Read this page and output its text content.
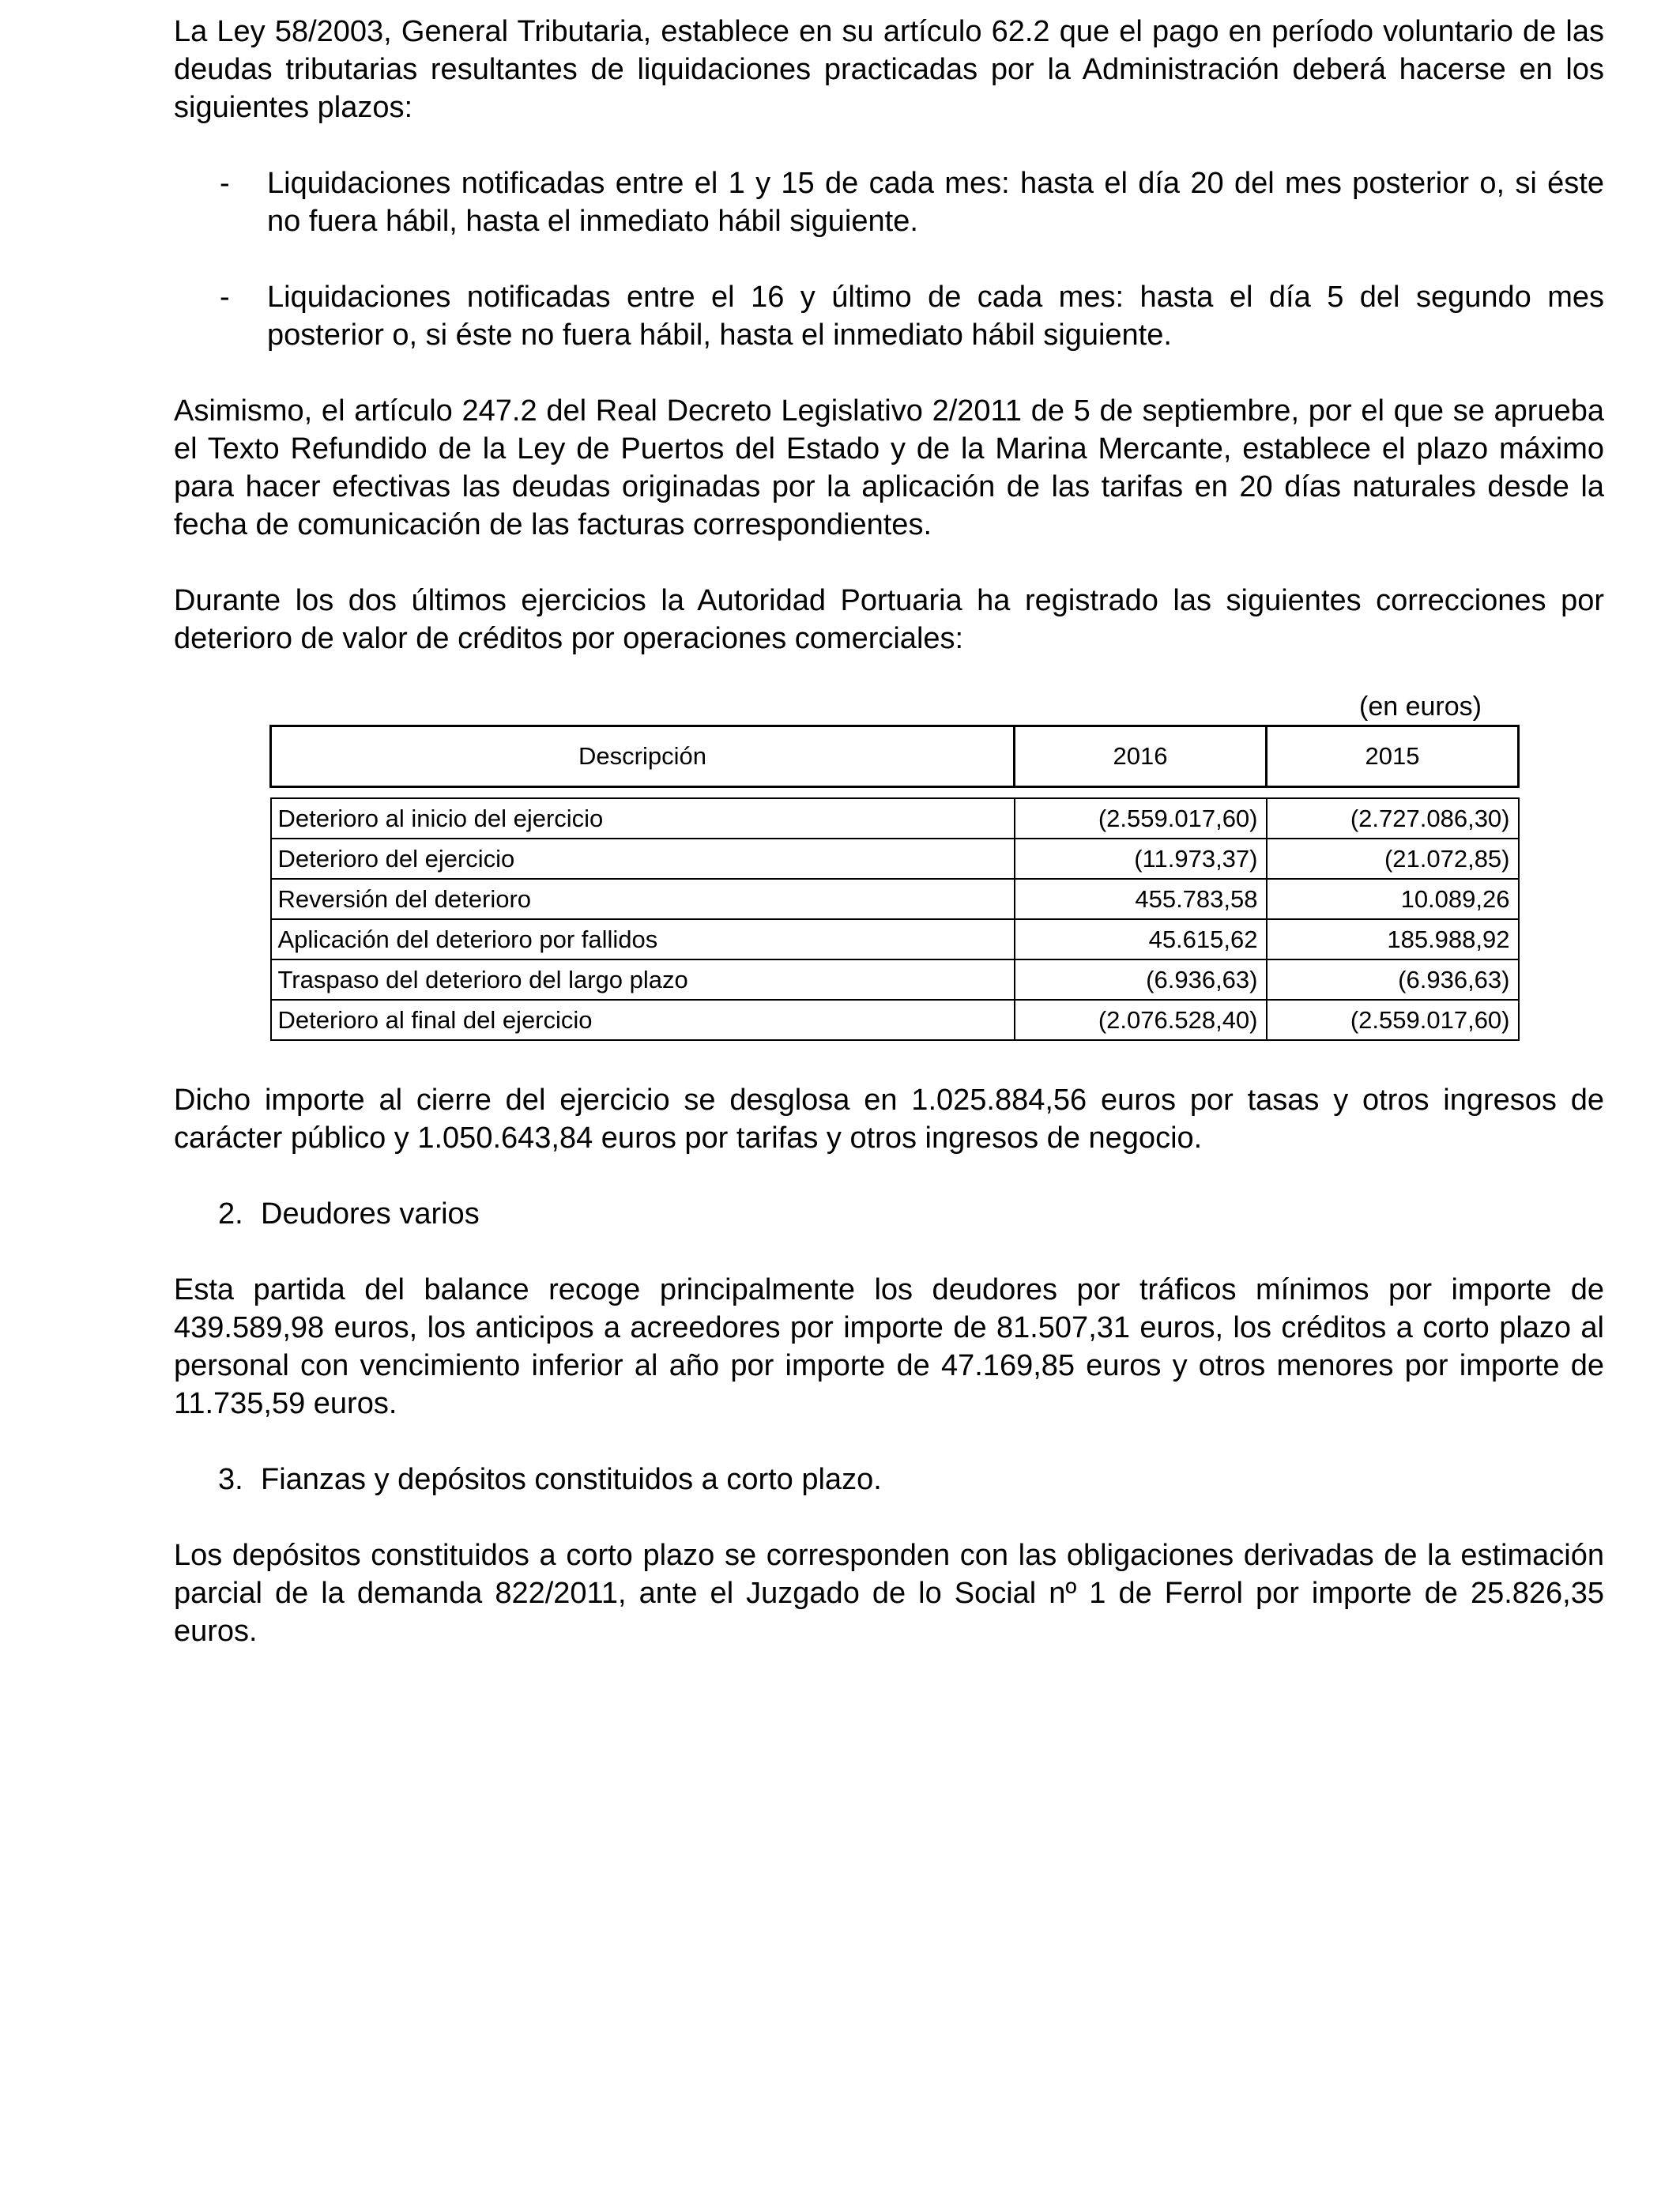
La Ley 58/2003, General Tributaria, establece en su artículo 62.2 que el pago en período voluntario de las deudas tributarias resultantes de liquidaciones practicadas por la Administración deberá hacerse en los siguientes plazos:

-	Liquidaciones notificadas entre el 1 y 15 de cada mes: hasta el día 20 del mes posterior o, si éste no fuera hábil, hasta el inmediato hábil siguiente.
-	Liquidaciones notificadas entre el 16 y último de cada mes: hasta el día 5 del segundo mes posterior o, si éste no fuera hábil, hasta el inmediato hábil siguiente.

Asimismo, el artículo 247.2 del Real Decreto Legislativo 2/2011 de 5 de septiembre, por el que se aprueba el Texto Refundido de la Ley de Puertos del Estado y de la Marina Mercante, establece el plazo máximo para hacer efectivas las deudas originadas por la aplicación de las tarifas en 20 días naturales desde la fecha de comunicación de las facturas correspondientes.

Durante los dos últimos ejercicios la Autoridad Portuaria ha registrado las siguientes correcciones por deterioro de valor de créditos por operaciones comerciales:

(en euros)
Descripción	2016	2015

Deterioro al inicio del ejercicio	(2.559.017,60)	(2.727.086,30)
Deterioro del ejercicio	(11.973,37)	(21.072,85)
Reversión del deterioro	455.783,58	10.089,26
Aplicación del deterioro por fallidos	45.615,62	185.988,92
Traspaso del deterioro del largo plazo	(6.936,63)	(6.936,63)
Deterioro al final del ejercicio	(2.076.528,40)	(2.559.017,60)

Dicho importe al cierre del ejercicio se desglosa en 1.025.884,56 euros por tasas y otros ingresos de carácter público y 1.050.643,84 euros por tarifas y otros ingresos de negocio.

2. Deudores varios

Esta partida del balance recoge principalmente los deudores por tráficos mínimos por importe de 439.589,98 euros, los anticipos a acreedores por importe de 81.507,31 euros, los créditos a corto plazo al personal con vencimiento inferior al año por importe de 47.169,85 euros y otros menores por importe de 11.735,59 euros.

3. Fianzas y depósitos constituidos a corto plazo.

Los depósitos constituidos a corto plazo se corresponden con las obligaciones derivadas de la estimación parcial de la demanda 822/2011, ante el Juzgado de lo Social nº 1 de Ferrol por importe de 25.826,35 euros.
